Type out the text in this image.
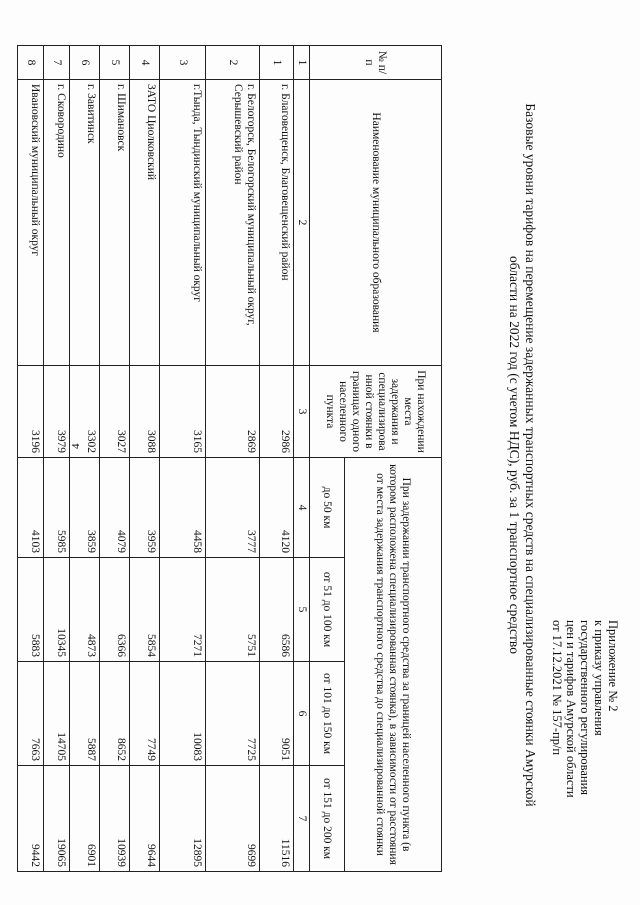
4
Приложение № 2
к приказу управления
государственного регулирования
цен и тарифов Амурской области
от 17.12.2021 № 157-пр/п
Базовые уровни тарифов на перемещение задержанных транспортных средств на специализированные стоянки Амурской
области на 2022 год (с учетом НДС), руб. за 1 транспортное средство
№ п/п	Наименование муниципального образования	При нахождении места задержания и специализирова нной стоянки в границах одного населенного пункта	При задержании транспортного средства за границей населенного пункта (в котором расположена специализированная стоянка), в зависимости от расстояния от места задержания транспортного средства до специализированной стоянки			
			до 50 км	от 51 до 100 км	от 101 до 150 км	от 151 до 200 км
1	2	3	4	5	6	7
1	г. Благовещенск, Благовещенский район	2986	4120	6586	9051	11516
2	г. Белогорск, Белогорский муниципальный округ, Серышевский район	2869	3777	5751	7725	9699
3	г.Тында, Тындинский муниципальный округ	3165	4458	7271	10083	12895
4	ЗАТО Циолковский	3088	3959	5854	7749	9644
5	г. Шимановск	3027	4079	6366	8652	10939
6	г. Завитинск	3302	3859	4873	5887	6901
7	г. Сковородино	3979	5985	10345	14705	19065
8	Ивановский муниципальный округ	3196	4103	5883	7663	9442
